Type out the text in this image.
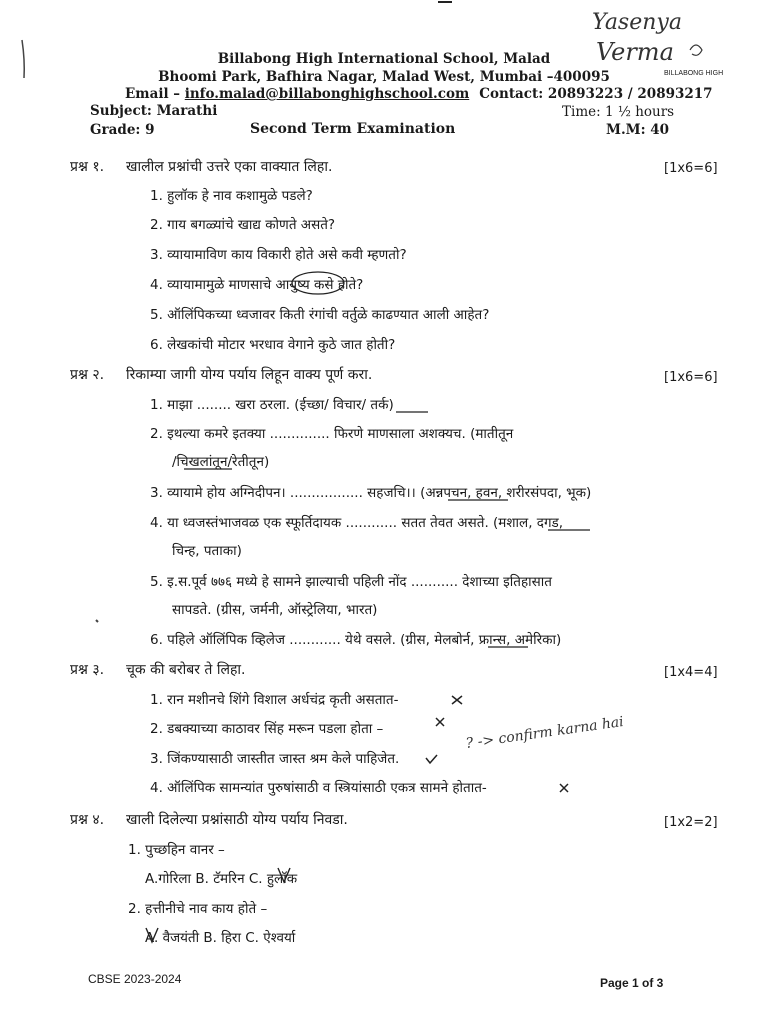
Yasenya
Verma
BILLABONG HIGH
Billabong High International School, Malad
Bhoomi Park, Bafhira Nagar, Malad West, Mumbai –400095
Email – info.malad@billabonghighschool.com Contact: 20893223 / 20893217
Subject: Marathi	Time: 1 ½ hours
Grade: 9	Second Term Examination	M.M: 40
प्रश्न १. खालील प्रश्नांची उत्तरे एका वाक्यात लिहा.	[1x6=6]
1. हुलॉक हे नाव कशामुळे पडले?
2. गाय बगळ्यांचे खाद्य कोणते असते?
3. व्यायामाविण काय विकारी होते असे कवी म्हणतो?
4. व्यायामामुळे माणसाचे आयुष्य कसे होते?
5. ऑलिंपिकच्या ध्वजावर किती रंगांची वर्तुळे काढण्यात आली आहेत?
6. लेखकांची मोटार भरधाव वेगाने कुठे जात होती?
प्रश्न २. रिकाम्या जागी योग्य पर्याय लिहून वाक्य पूर्ण करा.	[1x6=6]
1. माझा ........ खरा ठरला. (ईच्छा/ विचार/ तर्क)
2. इथल्या कमरे इतक्या .............. फिरणे माणसाला अशक्यच. (मातीतून
/चिखलांतून/रेतीतून)
3. व्यायामे होय अग्निदीपन। ................. सहजचि।। (अन्नपचन, हवन, शरीरसंपदा, भूक)
4. या ध्वजस्तंभाजवळ एक स्फूर्तिदायक ............ सतत तेवत असते. (मशाल, दगड,
चिन्ह, पताका)
5. इ.स.पूर्व ७७६ मध्ये हे सामने झाल्याची पहिली नोंद ........... देशाच्या इतिहासात
सापडते. (ग्रीस, जर्मनी, ऑस्ट्रेलिया, भारत)
6. पहिले ऑलिंपिक व्हिलेज ............ येथे वसले. (ग्रीस, मेलबोर्न, फ्रान्स, अमेरिका)
प्रश्न ३. चूक की बरोबर ते लिहा.	[1x4=4]
1. रान मशीनचे शिंगे विशाल अर्धचंद्र कृती असतात-
2. डबक्याच्या काठावर सिंह मरून पडला होता –
3. जिंकण्यासाठी जास्तीत जास्त श्रम केले पाहिजेत.
? -> confirm karna hai
4. ऑलिंपिक सामन्यांत पुरुषांसाठी व स्त्रियांसाठी एकत्र सामने होतात-
प्रश्न ४. खाली दिलेल्या प्रश्नांसाठी योग्य पर्याय निवडा.	[1x2=2]
1. पुच्छहिन वानर –
A.गोरिला B. टॅमरिन C. हुलॉक
2. हत्तीनीचे नाव काय होते –
A. वैजयंती B. हिरा C. ऐश्वर्या
CBSE 2023-2024	Page 1 of 3
